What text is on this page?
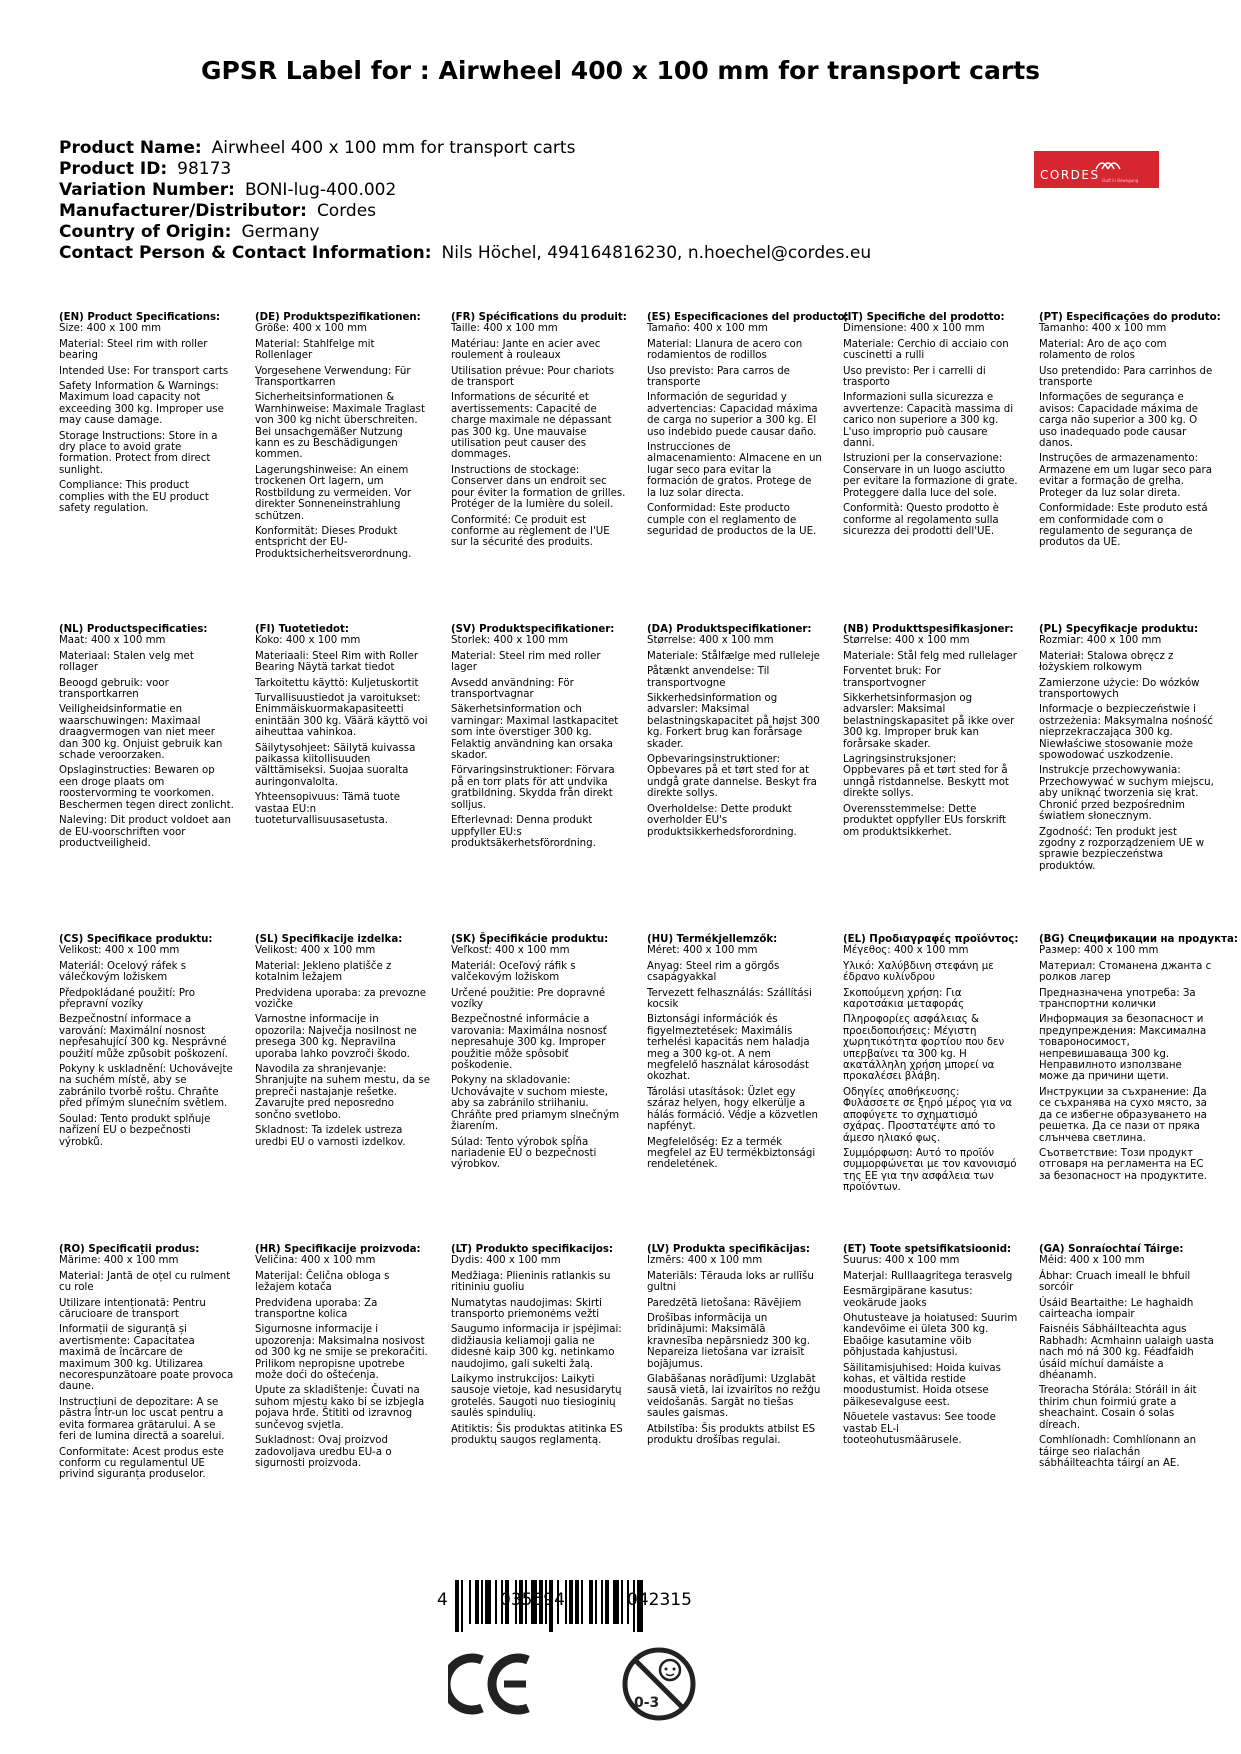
GPSR Label for : Airwheel 400 x 100 mm for transport carts
Product Name: Airwheel 400 x 100 mm for transport carts
Product ID: 98173
Variation Number: BONI-lug-400.002
Manufacturer/Distributor: Cordes
Country of Origin: Germany
Contact Person & Contact Information: Nils Höchel, 494164816230, n.hoechel@cordes.eu
CORDES läuft in Bewegung
(EN) Product Specifications:
Size: 400 x 100 mm
Material: Steel rim with roller bearing
Intended Use: For transport carts
Safety Information & Warnings: Maximum load capacity not exceeding 300 kg. Improper use may cause damage.
Storage Instructions: Store in a dry place to avoid grate formation. Protect from direct sunlight.
Compliance: This product complies with the EU product safety regulation.
(DE) Produktspezifikationen:
Größe: 400 x 100 mm
Material: Stahlfelge mit Rollenlager
Vorgesehene Verwendung: Für Transportkarren
Sicherheitsinformationen & Warnhinweise: Maximale Traglast von 300 kg nicht überschreiten. Bei unsachgemäßer Nutzung kann es zu Beschädigungen kommen.
Lagerungshinweise: An einem trockenen Ort lagern, um Rostbildung zu vermeiden. Vor direkter Sonneneinstrahlung schützen.
Konformität: Dieses Produkt entspricht der EU-Produktsicherheitsverordnung.
(FR) Spécifications du produit:
Taille: 400 x 100 mm
Matériau: Jante en acier avec roulement à rouleaux
Utilisation prévue: Pour chariots de transport
Informations de sécurité et avertissements: Capacité de charge maximale ne dépassant pas 300 kg. Une mauvaise utilisation peut causer des dommages.
Instructions de stockage: Conserver dans un endroit sec pour éviter la formation de grilles. Protéger de la lumière du soleil.
Conformité: Ce produit est conforme au règlement de l'UE sur la sécurité des produits.
(ES) Especificaciones del producto:
Tamaño: 400 x 100 mm
Material: Llanura de acero con rodamientos de rodillos
Uso previsto: Para carros de transporte
Información de seguridad y advertencias: Capacidad máxima de carga no superior a 300 kg. El uso indebido puede causar daño.
Instrucciones de almacenamiento: Almacene en un lugar seco para evitar la formación de gratos. Protege de la luz solar directa.
Conformidad: Este producto cumple con el reglamento de seguridad de productos de la UE.
(IT) Specifiche del prodotto:
Dimensione: 400 x 100 mm
Materiale: Cerchio di acciaio con cuscinetti a rulli
Uso previsto: Per i carrelli di trasporto
Informazioni sulla sicurezza e avvertenze: Capacità massima di carico non superiore a 300 kg. L'uso improprio può causare danni.
Istruzioni per la conservazione: Conservare in un luogo asciutto per evitare la formazione di grate. Proteggere dalla luce del sole.
Conformità: Questo prodotto è conforme al regolamento sulla sicurezza dei prodotti dell'UE.
(PT) Especificações do produto:
Tamanho: 400 x 100 mm
Material: Aro de aço com rolamento de rolos
Uso pretendido: Para carrinhos de transporte
Informações de segurança e avisos: Capacidade máxima de carga não superior a 300 kg. O uso inadequado pode causar danos.
Instruções de armazenamento: Armazene em um lugar seco para evitar a formação de grelha. Proteger da luz solar direta.
Conformidade: Este produto está em conformidade com o regulamento de segurança de produtos da UE.
(NL) Productspecificaties:
Maat: 400 x 100 mm
Materiaal: Stalen velg met rollager
Beoogd gebruik: voor transportkarren
Veiligheidsinformatie en waarschuwingen: Maximaal draagvermogen van niet meer dan 300 kg. Onjuist gebruik kan schade veroorzaken.
Opslaginstructies: Bewaren op een droge plaats om roostervorming te voorkomen. Beschermen tegen direct zonlicht.
Naleving: Dit product voldoet aan de EU-voorschriften voor productveiligheid.
(FI) Tuotetiedot:
Koko: 400 x 100 mm
Materiaali: Steel Rim with Roller Bearing Näytä tarkat tiedot
Tarkoitettu käyttö: Kuljetuskortit
Turvallisuustiedot ja varoitukset: Enimmäiskuormakapasiteetti enintään 300 kg. Väärä käyttö voi aiheuttaa vahinkoa.
Säilytysohjeet: Säilytä kuivassa paikassa kiitollisuuden välttämiseksi. Suojaa suoralta auringonvalolta.
Yhteensopivuus: Tämä tuote vastaa EU:n tuoteturvallisuusasetusta.
(SV) Produktspecifikationer:
Storlek: 400 x 100 mm
Material: Steel rim med roller lager
Avsedd användning: För transportvagnar
Säkerhetsinformation och varningar: Maximal lastkapacitet som inte överstiger 300 kg. Felaktig användning kan orsaka skador.
Förvaringsinstruktioner: Förvara på en torr plats för att undvika gratbildning. Skydda från direkt solljus.
Efterlevnad: Denna produkt uppfyller EU:s produktsäkerhetsförordning.
(DA) Produktspecifikationer:
Størrelse: 400 x 100 mm
Materiale: Stålfælge med rulleleje
Påtænkt anvendelse: Til transportvogne
Sikkerhedsinformation og advarsler: Maksimal belastningskapacitet på højst 300 kg. Forkert brug kan forårsage skader.
Opbevaringsinstruktioner: Opbevares på et tørt sted for at undgå grate dannelse. Beskyt fra direkte sollys.
Overholdelse: Dette produkt overholder EU's produktsikkerhedsforordning.
(NB) Produkttspesifikasjoner:
Størrelse: 400 x 100 mm
Materiale: Stål felg med rullelager
Forventet bruk: For transportvogner
Sikkerhetsinformasjon og advarsler: Maksimal belastningskapasitet på ikke over 300 kg. Improper bruk kan forårsake skader.
Lagringsinstruksjoner: Oppbevares på et tørt sted for å unngå ristdannelse. Beskytt mot direkte sollys.
Overensstemmelse: Dette produktet oppfyller EUs forskrift om produktsikkerhet.
(PL) Specyfikacje produktu:
Rozmiar: 400 x 100 mm
Materiał: Stalowa obręcz z łożyskiem rolkowym
Zamierzone użycie: Do wózków transportowych
Informacje o bezpieczeństwie i ostrzeżenia: Maksymalna nośność nieprzekraczająca 300 kg. Niewłaściwe stosowanie może spowodować uszkodzenie.
Instrukcje przechowywania: Przechowywać w suchym miejscu, aby uniknąć tworzenia się krat. Chronić przed bezpośrednim światłem słonecznym.
Zgodność: Ten produkt jest zgodny z rozporządzeniem UE w sprawie bezpieczeństwa produktów.
(CS) Specifikace produktu:
Velikost: 400 x 100 mm
Materiál: Ocelový ráfek s válečkovým ložiskem
Předpokládané použití: Pro přepravní vozíky
Bezpečnostní informace a varování: Maximální nosnost nepřesahující 300 kg. Nesprávné použití může způsobit poškození.
Pokyny k uskladnění: Uchovávejte na suchém místě, aby se zabránilo tvorbě roštu. Chraňte před přímým slunečním světlem.
Soulad: Tento produkt splňuje nařízení EU o bezpečnosti výrobků.
(SL) Specifikacije izdelka:
Velikost: 400 x 100 mm
Material: Jekleno platišče z kotalnim ležajem
Predvidena uporaba: za prevozne vozičke
Varnostne informacije in opozorila: Največja nosilnost ne presega 300 kg. Nepravilna uporaba lahko povzroči škodo.
Navodila za shranjevanje: Shranjujte na suhem mestu, da se prepreči nastajanje rešetke. Zavarujte pred neposredno sončno svetlobo.
Skladnost: Ta izdelek ustreza uredbi EU o varnosti izdelkov.
(SK) Špecifikácie produktu:
Veľkosť: 400 x 100 mm
Materiál: Oceľový ráfik s valčekovým ložiskom
Určené použitie: Pre dopravné vozíky
Bezpečnostné informácie a varovania: Maximálna nosnosť nepresahuje 300 kg. Improper použitie môže spôsobiť poškodenie.
Pokyny na skladovanie: Uchovávajte v suchom mieste, aby sa zabránilo striihaniu. Chráňte pred priamym slnečným žiarením.
Súlad: Tento výrobok spĺňa nariadenie EÚ o bezpečnosti výrobkov.
(HU) Termékjellemzők:
Méret: 400 x 100 mm
Anyag: Steel rim a görgős csapágyakkal
Tervezett felhasználás: Szállítási kocsik
Biztonsági információk és figyelmeztetések: Maximális terhelési kapacitás nem haladja meg a 300 kg-ot. A nem megfelelő használat károsodást okozhat.
Tárolási utasítások: Üzlet egy száraz helyen, hogy elkerülje a hálás formáció. Védje a közvetlen napfényt.
Megfelelőség: Ez a termék megfelel az EU termékbiztonsági rendeletének.
(EL) Προδιαγραφές προϊόντος:
Μέγεθος: 400 x 100 mm
Υλικό: Χαλύβδινη στεφάνη με έδρανο κυλίνδρου
Σκοπούμενη χρήση: Για καροτσάκια μεταφοράς
Πληροφορίες ασφάλειας & προειδοποιήσεις: Μέγιστη χωρητικότητα φορτίου που δεν υπερβαίνει τα 300 kg. Η ακατάλληλη χρήση μπορεί να προκαλέσει βλάβη.
Οδηγίες αποθήκευσης: Φυλάσσετε σε ξηρό μέρος για να αποφύγετε το σχηματισμό σχάρας. Προστατέψτε από το άμεσο ηλιακό φως.
Συμμόρφωση: Αυτό το προϊόν συμμορφώνεται με τον κανονισμό της ΕΕ για την ασφάλεια των προϊόντων.
(BG) Спецификации на продукта:
Размер: 400 x 100 mm
Материал: Стоманена джанта с ролков лагер
Предназначена употреба: За транспортни колички
Информация за безопасност и предупреждения: Максимална товароносимост, непревишаваща 300 kg. Неправилното използване може да причини щети.
Инструкции за съхранение: Да се съхранява на сухо място, за да се избегне образуването на решетка. Да се пази от пряка слънчева светлина.
Съответствие: Този продукт отговаря на регламента на ЕС за безопасност на продуктите.
(RO) Specificații produs:
Mărime: 400 x 100 mm
Material: Jantă de oțel cu rulment cu role
Utilizare intenționată: Pentru cărucioare de transport
Informații de siguranță și avertismente: Capacitatea maximă de încărcare de maximum 300 kg. Utilizarea necorespunzătoare poate provoca daune.
Instrucțiuni de depozitare: A se păstra într-un loc uscat pentru a evita formarea grătarului. A se feri de lumina directă a soarelui.
Conformitate: Acest produs este conform cu regulamentul UE privind siguranța produselor.
(HR) Specifikacije proizvoda:
Veličina: 400 x 100 mm
Materijal: Čelična obloga s ležajem kotača
Predviđena uporaba: Za transportne kolica
Sigurnosne informacije i upozorenja: Maksimalna nosivost od 300 kg ne smije se prekoračiti. Prilikom nepropisne upotrebe može doći do oštećenja.
Upute za skladištenje: Čuvati na suhom mjestu kako bi se izbjegla pojava hrđe. Štititi od izravnog sunčevog svjetla.
Sukladnost: Ovaj proizvod zadovoljava uredbu EU-a o sigurnosti proizvoda.
(LT) Produkto specifikacijos:
Dydis: 400 x 100 mm
Medžiaga: Plieninis ratlankis su ritininiu guoliu
Numatytas naudojimas: Skirti transporto priemonėms vežti
Saugumo informacija ir įspėjimai: didžiausia keliamoji galia ne didesnė kaip 300 kg. netinkamo naudojimo, gali sukelti žalą.
Laikymo instrukcijos: Laikyti sausoje vietoje, kad nesusidarytų grotelės. Saugoti nuo tiesioginių saulės spindulių.
Atitiktis: Šis produktas atitinka ES produktų saugos reglamentą.
(LV) Produkta specifikācijas:
Izmērs: 400 x 100 mm
Materiāls: Tērauda loks ar rullīšu gultni
Paredzētā lietošana: Rāvējiem
Drošības informācija un brīdinājumi: Maksimālā kravnesība nepārsniedz 300 kg. Nepareiza lietošana var izraisīt bojājumus.
Glabāšanas norādījumi: Uzglabāt sausā vietā, lai izvairītos no režģu veidošanās. Sargāt no tiešas saules gaismas.
Atbilstība: Šis produkts atbilst ES produktu drošības regulai.
(ET) Toote spetsifikatsioonid:
Suurus: 400 x 100 mm
Materjal: Rulllaagritega terasvelg
Eesmärgipärane kasutus: veokärude jaoks
Ohutusteave ja hoiatused: Suurim kandevõime ei ületa 300 kg. Ebaõige kasutamine võib põhjustada kahjustusi.
Säilitamisjuhised: Hoida kuivas kohas, et vältida restide moodustumist. Hoida otsese päikesevalguse eest.
Nõuetele vastavus: See toode vastab EL-i tooteohutusmäärusele.
(GA) Sonraíochtaí Táirge:
Méid: 400 x 100 mm
Ábhar: Cruach imeall le bhfuil sorcóir
Úsáid Beartaithe: Le haghaidh cairteacha iompair
Faisnéis Sábháilteachta agus Rabhadh: Acmhainn ualaigh uasta nach mó ná 300 kg. Féadfaidh úsáid míchuí damáiste a dhéanamh.
Treoracha Stórála: Stóráil in áit thirim chun foirmiú grate a sheachaint. Cosain ó solas díreach.
Comhlíonadh: Comhlíonann an táirge seo rialachán sábháilteachta táirgí an AE.
4	035694	042315
0-3
